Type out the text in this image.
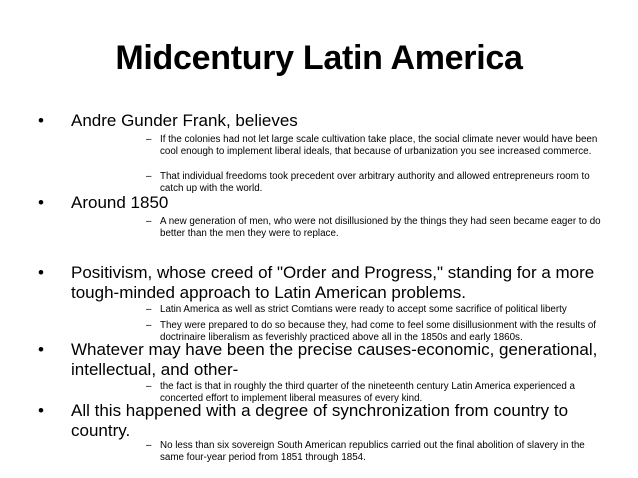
Midcentury Latin America
•	Andre Gunder Frank, believes
– If the colonies had not let large scale cultivation take place, the social climate never would have been cool enough to implement liberal ideals, that because of urbanization you see increased commerce.
– That individual freedoms took precedent over arbitrary authority and allowed entrepreneurs room to catch up with the world.
•	Around 1850
– A new generation of men, who were not disillusioned by the things they had seen became eager to do better than the men they were to replace.
•	Positivism, whose creed of "Order and Progress," standing for a more tough-minded approach to Latin American problems.
– Latin America as well as strict Comtians were ready to accept some sacrifice of political liberty
– They were prepared to do so because they, had come to feel some disillusionment with the results of doctrinaire liberalism as feverishly practiced above all in the 1850s and early 1860s.
•	Whatever may have been the precise causes-economic, generational, intellectual, and other-
– the fact is that in roughly the third quarter of the nineteenth century Latin America experienced a concerted effort to implement liberal measures of every kind.
•	All this happened with a degree of synchronization from country to country.
– No less than six sovereign South American republics carried out the final abolition of slavery in the same four-year period from 1851 through 1854.
